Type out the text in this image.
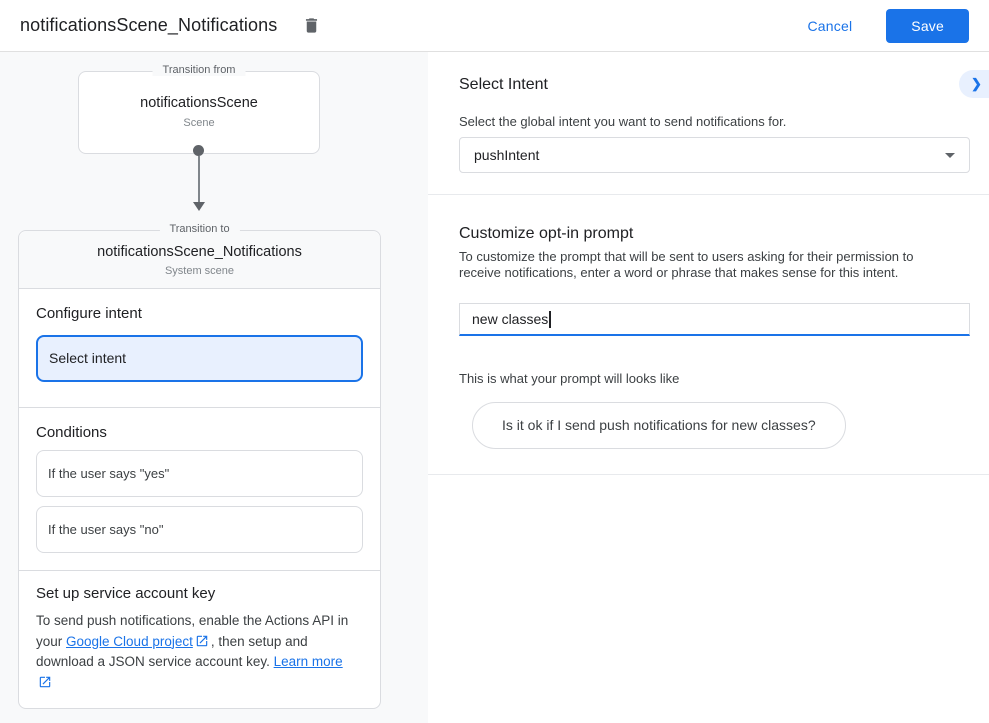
notificationsScene_Notifications	Cancel	Save
Transition from
notificationsScene
Scene
Transition to
notificationsScene_Notifications
System scene
Configure intent
Select intent
Conditions
If the user says "yes"
If the user says "no"
Set up service account key

To send push notifications, enable the Actions API in your Google Cloud project , then setup and download a JSON service account key. Learn more

❯
Select Intent

Select the global intent you want to send notifications for.

pushIntent
Customize opt-in prompt

To customize the prompt that will be sent to users asking for their permission to receive notifications, enter a word or phrase that makes sense for this intent.

new classes

This is what your prompt will looks like

Is it ok if I send push notifications for new classes?
